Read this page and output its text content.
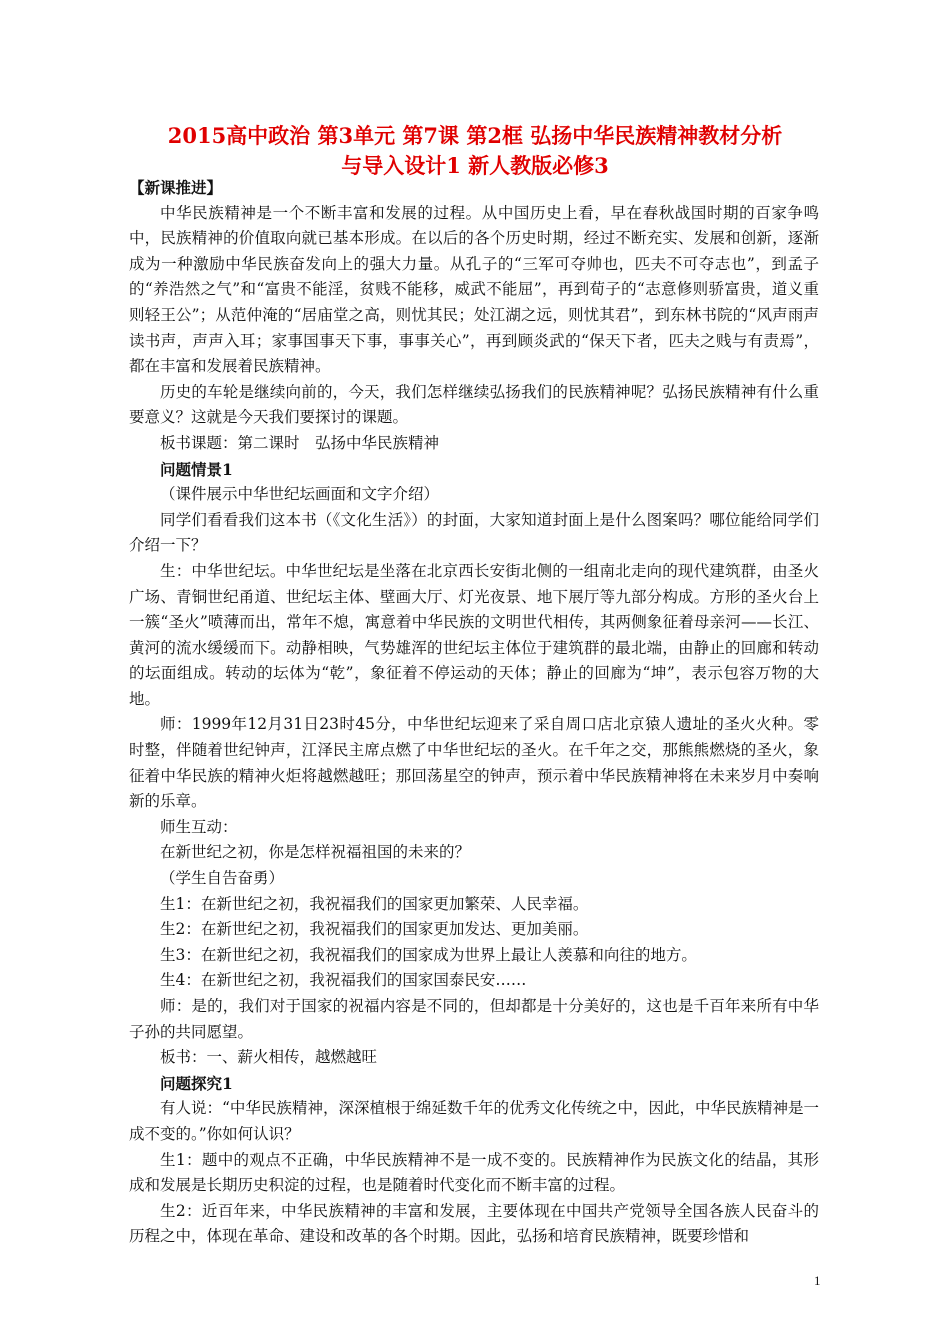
2015高中政治 第3单元 第7课 第2框 弘扬中华民族精神教材分析
与导入设计1 新人教版必修3

【新课推进】

中华民族精神是一个不断丰富和发展的过程。从中国历史上看，早在春秋战国时期的百家争鸣中，民族精神的价值取向就已基本形成。在以后的各个历史时期，经过不断充实、发展和创新，逐渐成为一种激励中华民族奋发向上的强大力量。从孔子的“三军可夺帅也，匹夫不可夺志也”，到孟子的“养浩然之气”和“富贵不能淫，贫贱不能移，威武不能屈”，再到荀子的“志意修则骄富贵，道义重则轻王公”；从范仲淹的“居庙堂之高，则忧其民；处江湖之远，则忧其君”，到东林书院的“风声雨声读书声，声声入耳；家事国事天下事，事事关心”，再到顾炎武的“保天下者，匹夫之贱与有责焉”，都在丰富和发展着民族精神。

历史的车轮是继续向前的，今天，我们怎样继续弘扬我们的民族精神呢？弘扬民族精神有什么重要意义？这就是今天我们要探讨的课题。

板书课题：第二课时　弘扬中华民族精神

问题情景1

（课件展示中华世纪坛画面和文字介绍）

同学们看看我们这本书（《文化生活》）的封面，大家知道封面上是什么图案吗？哪位能给同学们介绍一下？

生：中华世纪坛。中华世纪坛是坐落在北京西长安街北侧的一组南北走向的现代建筑群，由圣火广场、青铜世纪甬道、世纪坛主体、壁画大厅、灯光夜景、地下展厅等九部分构成。方形的圣火台上一簇“圣火”喷薄而出，常年不熄，寓意着中华民族的文明世代相传，其两侧象征着母亲河——长江、黄河的流水缓缓而下。动静相映，气势雄浑的世纪坛主体位于建筑群的最北端，由静止的回廊和转动的坛面组成。转动的坛体为“乾”，象征着不停运动的天体；静止的回廊为“坤”，表示包容万物的大地。

师：1999年12月31日23时45分，中华世纪坛迎来了采自周口店北京猿人遗址的圣火火种。零时整，伴随着世纪钟声，江泽民主席点燃了中华世纪坛的圣火。在千年之交，那熊熊燃烧的圣火，象征着中华民族的精神火炬将越燃越旺；那回荡星空的钟声，预示着中华民族精神将在未来岁月中奏响新的乐章。

师生互动：

在新世纪之初，你是怎样祝福祖国的未来的？

（学生自告奋勇）

生1：在新世纪之初，我祝福我们的国家更加繁荣、人民幸福。

生2：在新世纪之初，我祝福我们的国家更加发达、更加美丽。

生3：在新世纪之初，我祝福我们的国家成为世界上最让人羡慕和向往的地方。

生4：在新世纪之初，我祝福我们的国家国泰民安……

师：是的，我们对于国家的祝福内容是不同的，但却都是十分美好的，这也是千百年来所有中华子孙的共同愿望。

板书：一、薪火相传，越燃越旺

问题探究1

有人说：“中华民族精神，深深植根于绵延数千年的优秀文化传统之中，因此，中华民族精神是一成不变的。”你如何认识？

生1：题中的观点不正确，中华民族精神不是一成不变的。民族精神作为民族文化的结晶，其形成和发展是长期历史积淀的过程，也是随着时代变化而不断丰富的过程。

生2：近百年来，中华民族精神的丰富和发展，主要体现在中国共产党领导全国各族人民奋斗的历程之中，体现在革命、建设和改革的各个时期。因此，弘扬和培育民族精神，既要珍惜和

1
